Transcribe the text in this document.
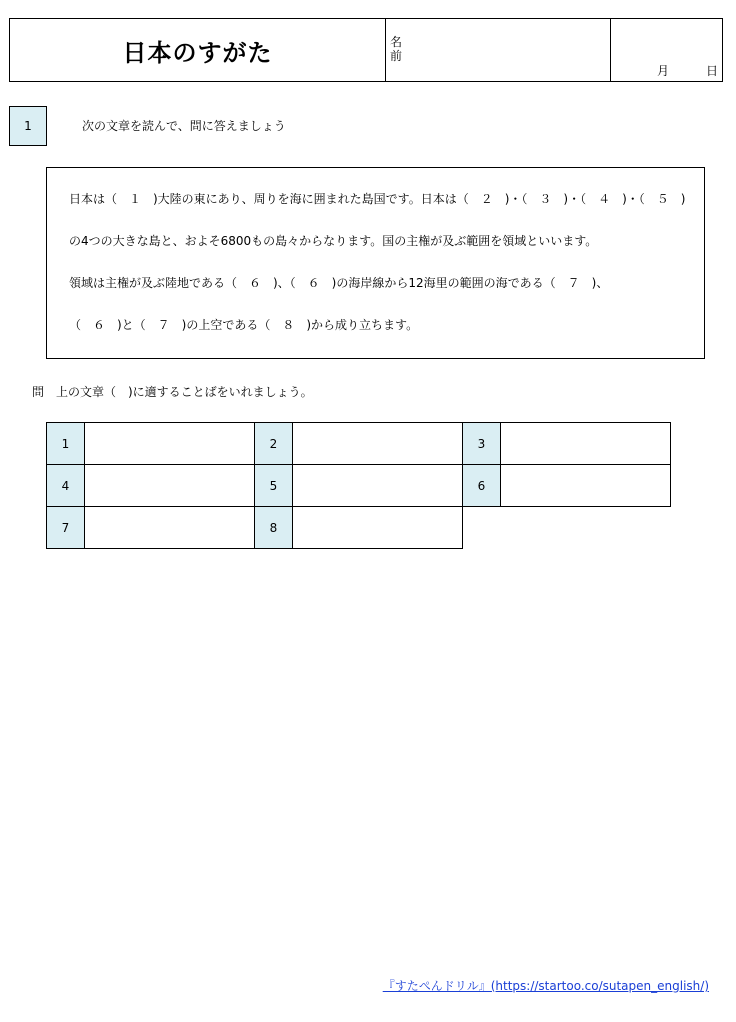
日本のすがた	名前
月	日
1	次の文章を読んで、問に答えましょう

日本は（　１　)大陸の東にあり、周りを海に囲まれた島国です。日本は（　２　)・（　３　)・（　４　)・（　５　)

の4つの大きな島と、およそ6800もの島々からなります。国の主権が及ぶ範囲を領域といいます。

領域は主権が及ぶ陸地である（　６　)、（　６　)の海岸線から12海里の範囲の海である（　７　)、

（　６　)と（　７　)の上空である（　８　)から成り立ちます。

問　上の文章（　)に適することばをいれましょう。
1	2	3
4	5	6
7	8
『すたぺんドリル』(https://startoo.co/sutapen_english/)
